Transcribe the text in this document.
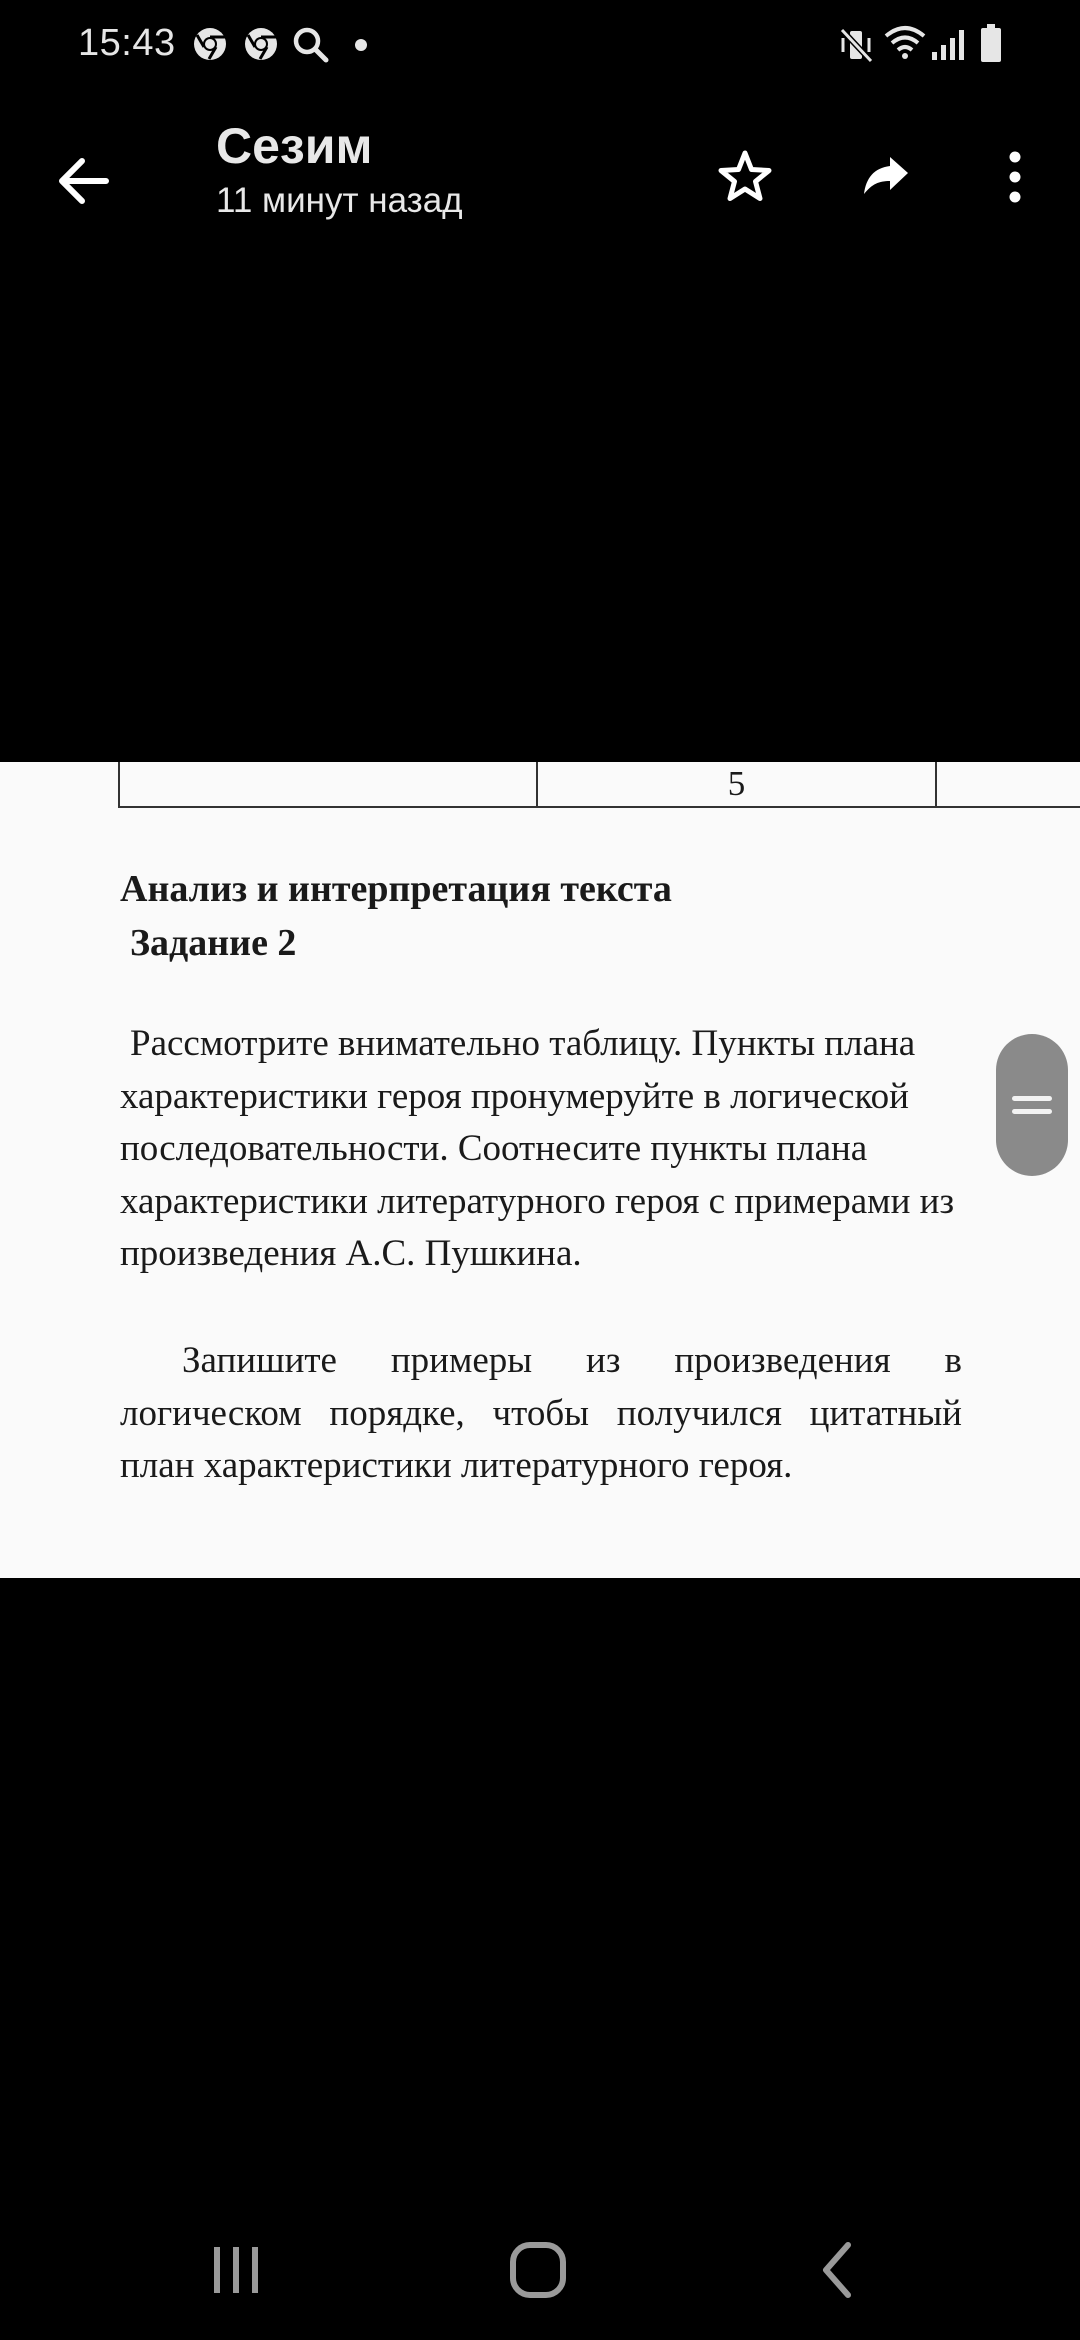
15:43
Сезим
11 минут назад
5
Анализ и интерпретация текста
Задание 2

Рассмотрите внимательно таблицу. Пункты плана характеристики героя пронумеруйте в логической последовательности. Соотнесите пункты плана характеристики литературного героя с примерами из произведения А.С. Пушкина.

Запишите примеры из произведения в логическом порядке, чтобы получился цитатный план характеристики литературного героя.
